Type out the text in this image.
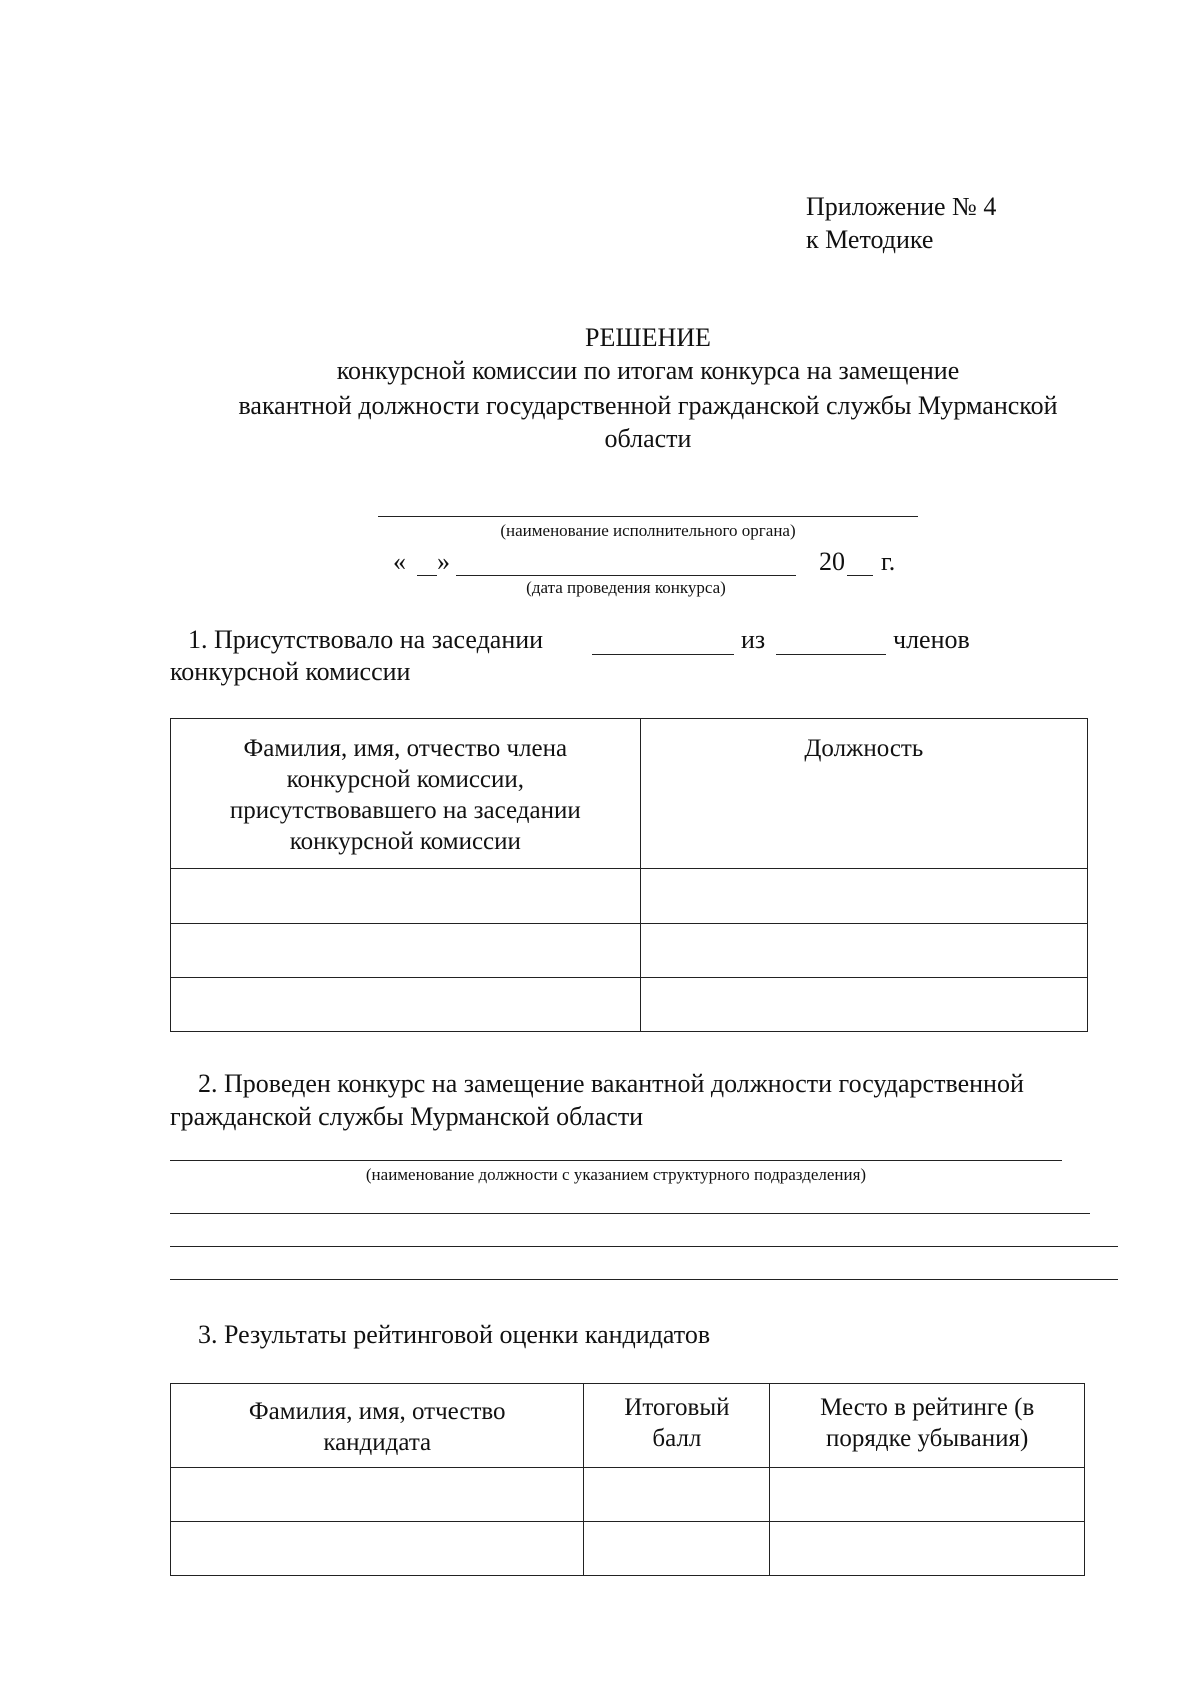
Приложение № 4
к Методике
РЕШЕНИЕ
конкурсной комиссии по итогам конкурса на замещение
вакантной должности государственной гражданской службы Мурманской
области
(наименование исполнительного органа)
« »	20 г.
(дата проведения конкурса)
1. Присутствовало на заседании	из	членов
конкурсной комиссии
Фамилия, имя, отчество члена конкурсной комиссии, присутствовавшего на заседании конкурсной комиссии	Должность

2. Проведен конкурс на замещение вакантной должности государственной
гражданской службы Мурманской области
(наименование должности с указанием структурного подразделения)
3. Результаты рейтинговой оценки кандидатов
Фамилия, имя, отчество кандидата	Итоговый балл	Место в рейтинге (в порядке убывания)
